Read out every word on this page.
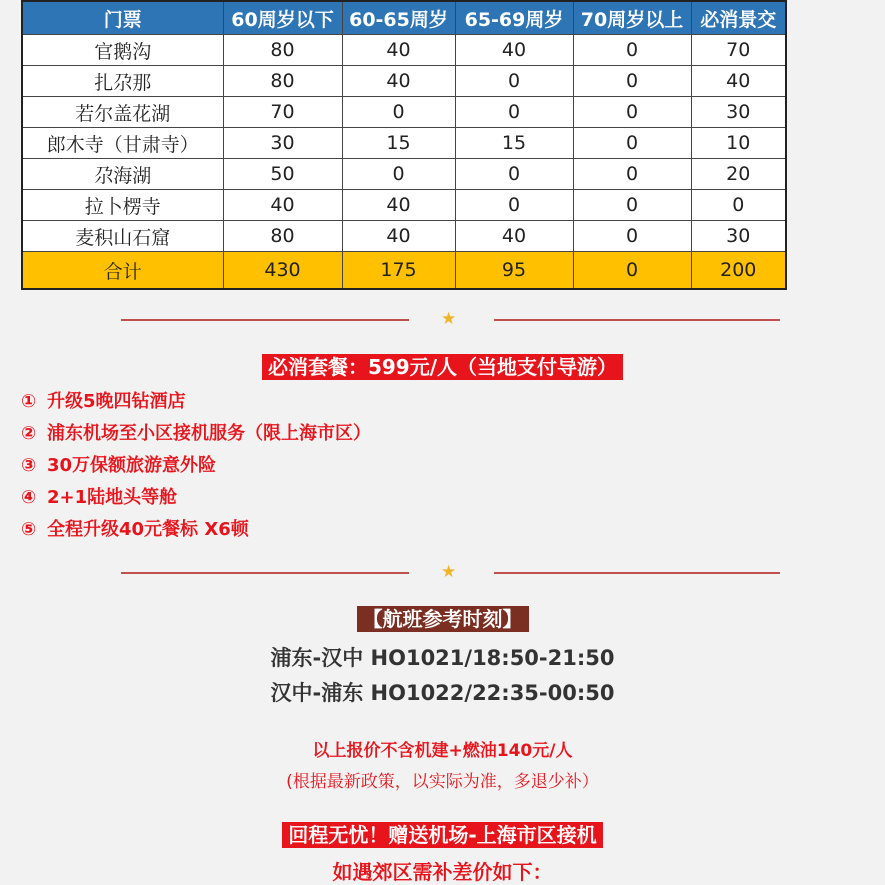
门票	60周岁以下	60-65周岁	65-69周岁	70周岁以上	必消景交
官鹅沟	80	40	40	0	70
扎尕那	80	40	0	0	40
若尔盖花湖	70	0	0	0	30
郎木寺（甘肃寺）	30	15	15	0	10
尕海湖	50	0	0	0	20
拉卜楞寺	40	40	0	0	0
麦积山石窟	80	40	40	0	30
合计	430	175	95	0	200
★
必消套餐：599元/人（当地支付导游）
① 升级5晚四钻酒店
② 浦东机场至小区接机服务（限上海市区）
③ 30万保额旅游意外险
④ 2+1陆地头等舱
⑤ 全程升级40元餐标 X6顿
★
【航班参考时刻】
浦东-汉中 HO1021/18:50-21:50
汉中-浦东 HO1022/22:35-00:50
以上报价不含机建+燃油140元/人
(根据最新政策，以实际为准，多退少补）
回程无忧！赠送机场-上海市区接机
如遇郊区需补差价如下：
